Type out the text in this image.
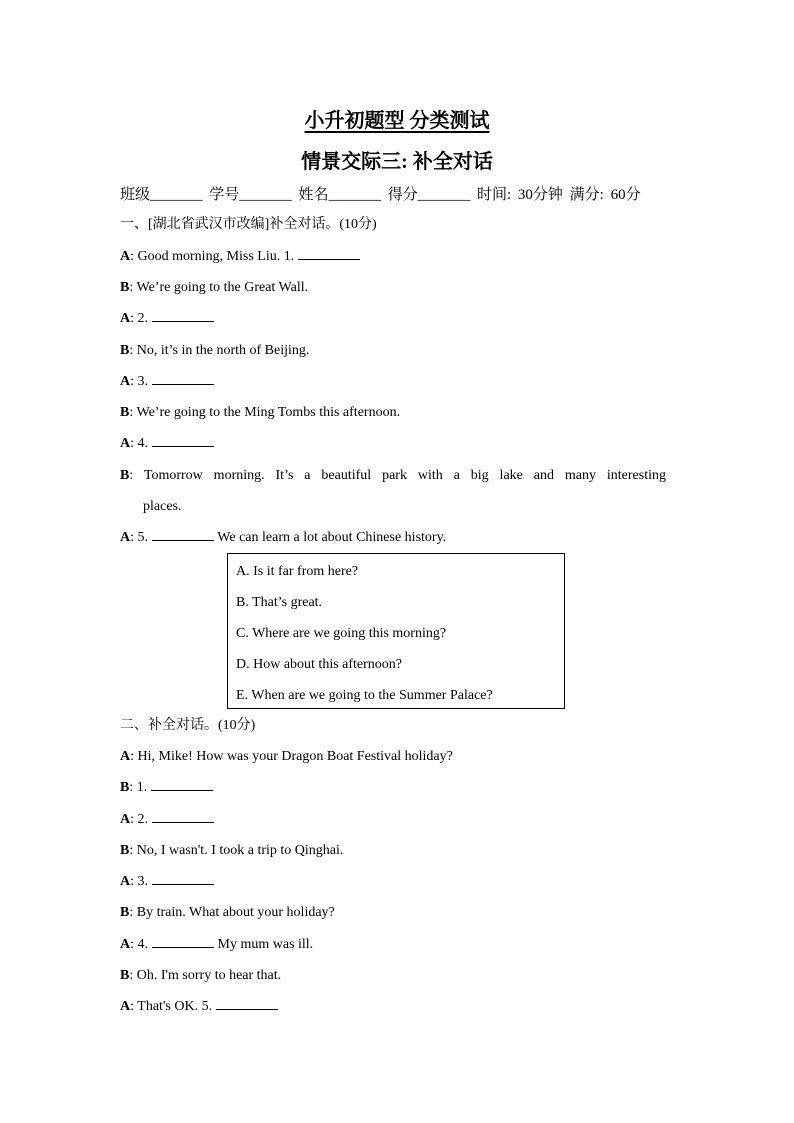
小升初题型 分类测试
情景交际三: 补全对话
班级_______ 学号_______ 姓名_______ 得分_______ 时间: 30分钟 满分: 60分
一、[湖北省武汉市改编]补全对话。(10分)
A: Good morning, Miss Liu. 1.
B: We’re going to the Great Wall.
A: 2.
B: No, it’s in the north of Beijing.
A: 3.
B: We’re going to the Ming Tombs this afternoon.
A: 4.
B: Tomorrow morning. It’s a beautiful park with a big lake and many interesting
places.
A: 5.	We can learn a lot about Chinese history.
A. Is it far from here?
B. That’s great.
C. Where are we going this morning?
D. How about this afternoon?
E. When are we going to the Summer Palace?
二、补全对话。(10分)
A: Hi, Mike! How was your Dragon Boat Festival holiday?
B: 1.
A: 2.
B: No, I wasn't. I took a trip to Qinghai.
A: 3.
B: By train. What about your holiday?
A: 4.	My mum was ill.
B: Oh. I'm sorry to hear that.
A: That's OK. 5.
